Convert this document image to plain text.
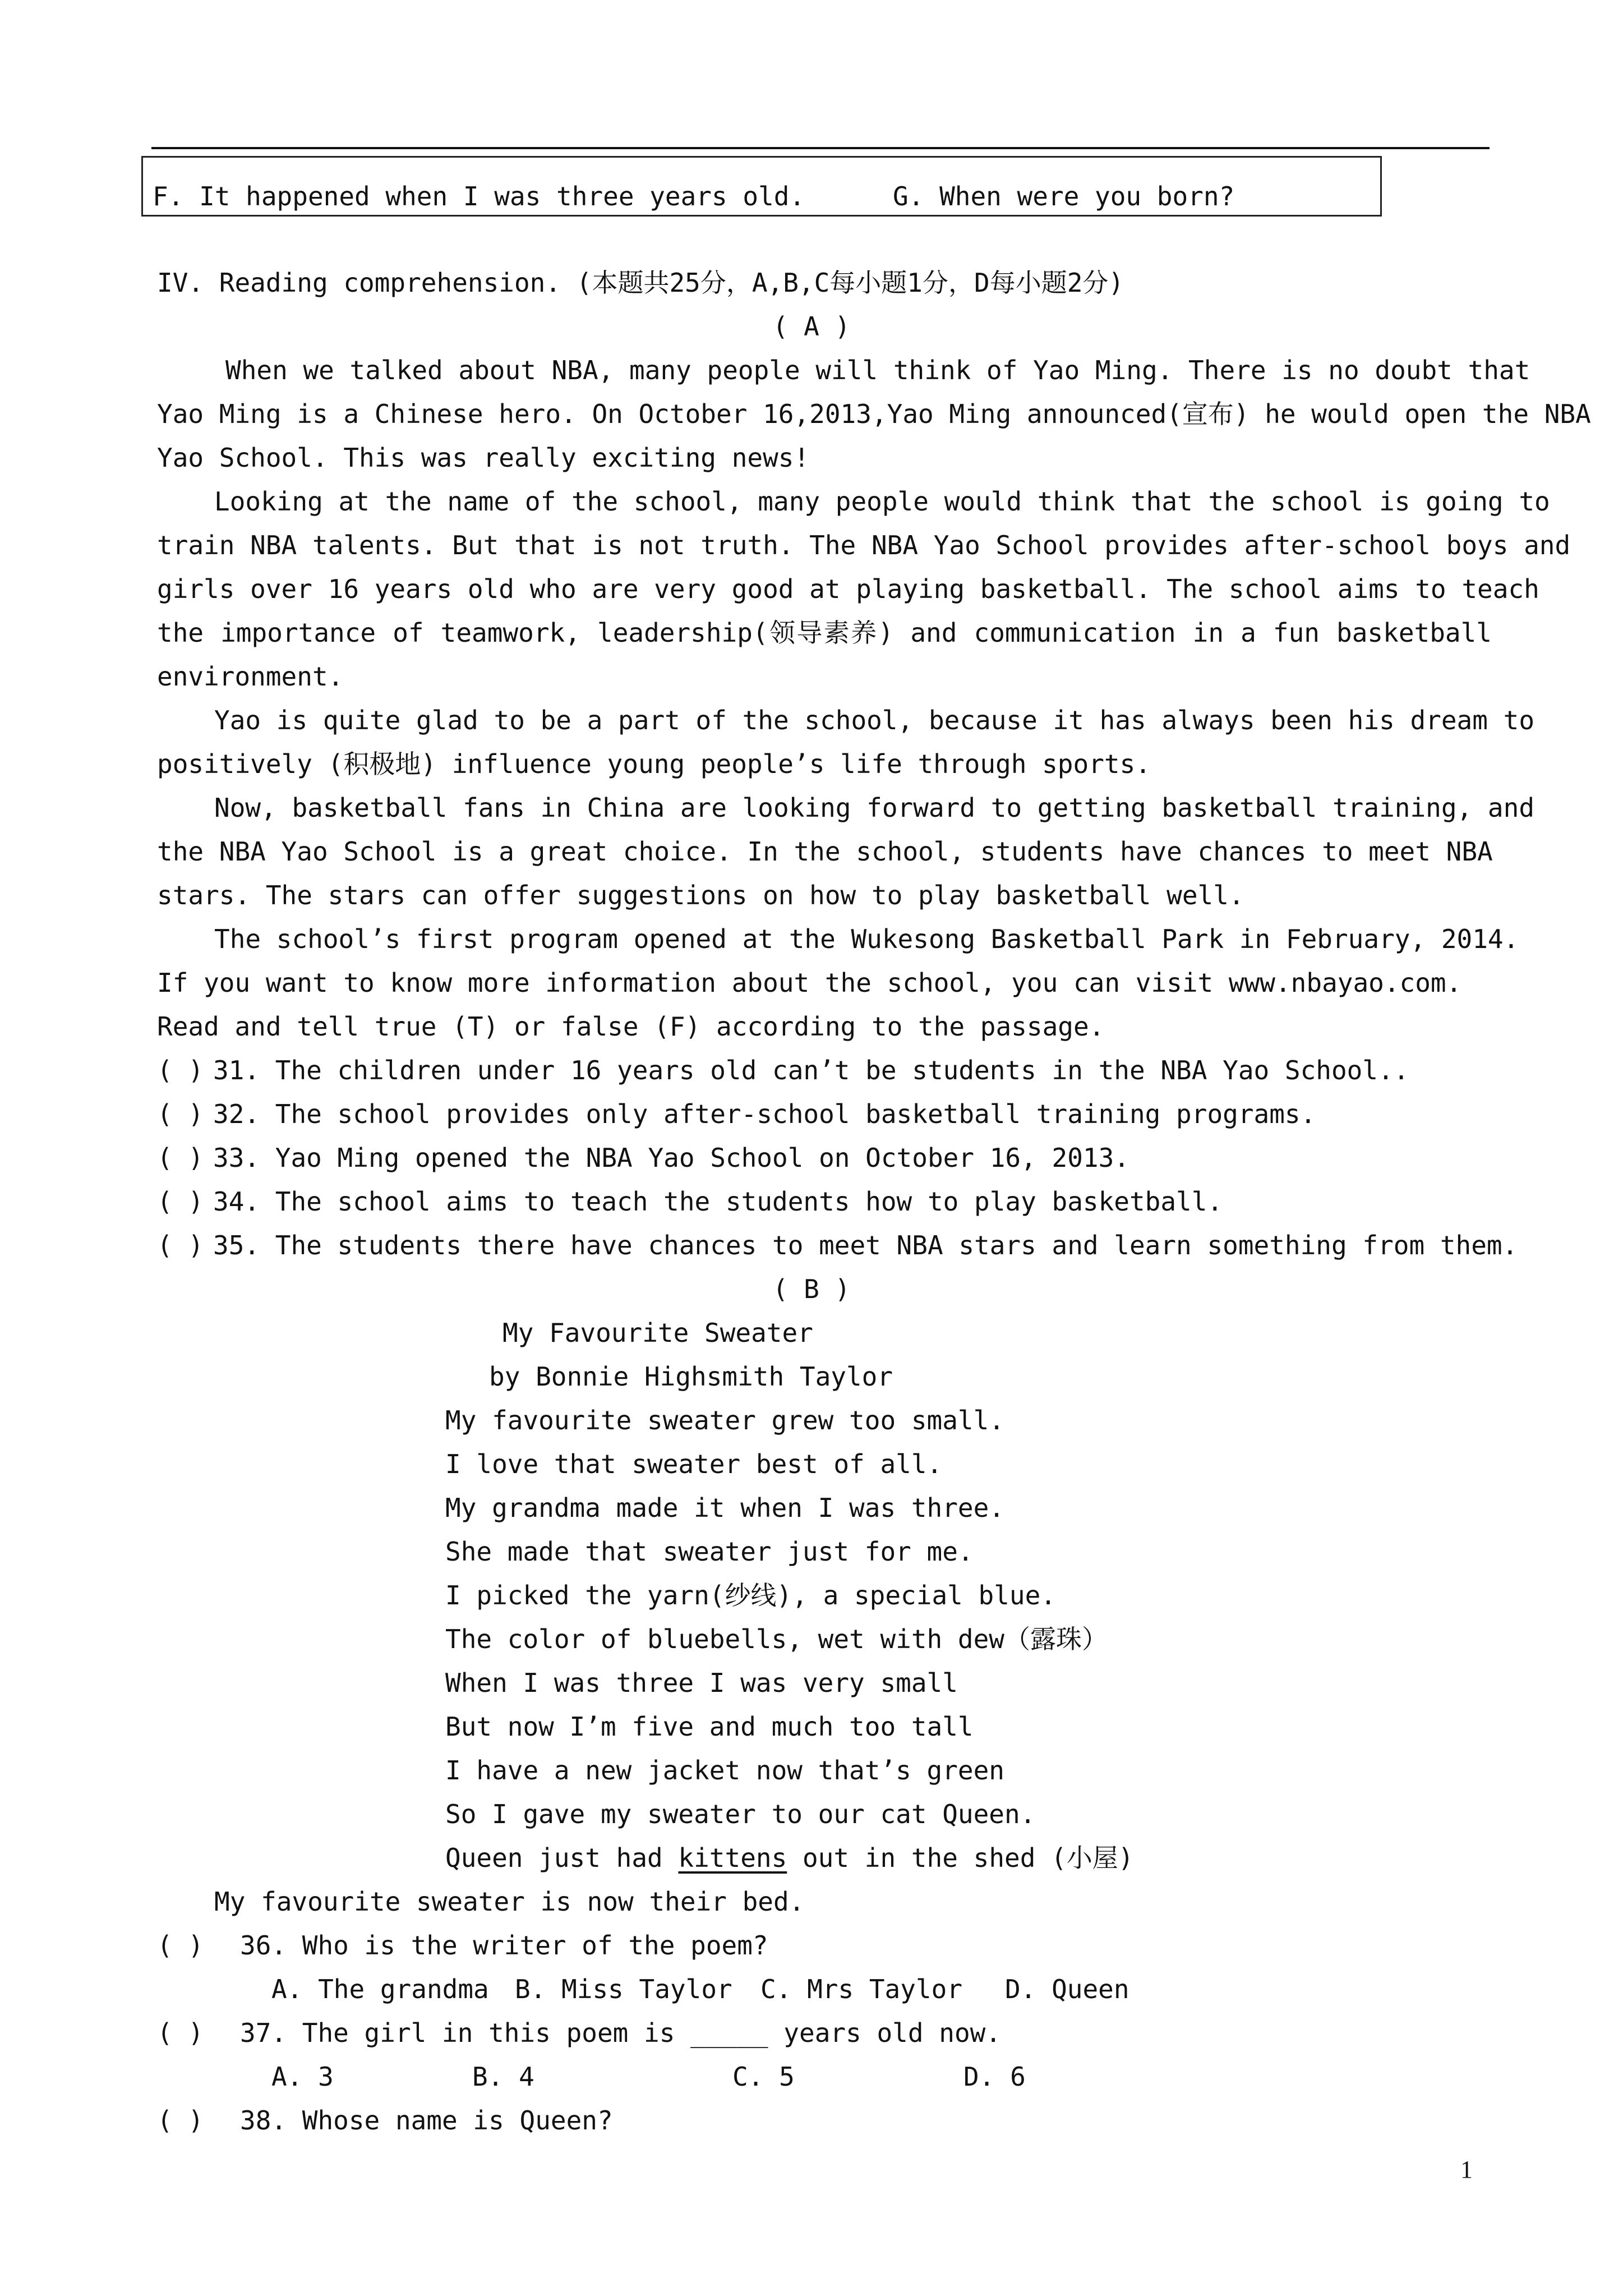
F. It happened when I was three years old.	G. When were you born?
IV. Reading comprehension. (本题共25分，A,B,C每小题1分，D每小题2分)
( A )
When we talked about NBA, many people will think of Yao Ming. There is no doubt that
Yao Ming is a Chinese hero. On October 16,2013,Yao Ming announced(宣布) he would open the NBA
Yao School. This was really exciting news!
Looking at the name of the school, many people would think that the school is going to
train NBA talents. But that is not truth. The NBA Yao School provides after-school boys and
girls over 16 years old who are very good at playing basketball. The school aims to teach
the importance of teamwork, leadership(领导素养) and communication in a fun basketball
environment.
Yao is quite glad to be a part of the school, because it has always been his dream to
positively (积极地) influence young people’s life through sports.
Now, basketball fans in China are looking forward to getting basketball training, and
the NBA Yao School is a great choice. In the school, students have chances to meet NBA
stars. The stars can offer suggestions on how to play basketball well.
The school’s first program opened at the Wukesong Basketball Park in February, 2014.
If you want to know more information about the school, you can visit www.nbayao.com.
Read and tell true (T) or false (F) according to the passage.
( ) 31. The children under 16 years old can’t be students in the NBA Yao School..
( ) 32. The school provides only after-school basketball training programs.
( ) 33. Yao Ming opened the NBA Yao School on October 16, 2013.
( ) 34. The school aims to teach the students how to play basketball.
( ) 35. The students there have chances to meet NBA stars and learn something from them.
( B )
My Favourite Sweater
by Bonnie Highsmith Taylor
My favourite sweater grew too small.
I love that sweater best of all.
My grandma made it when I was three.
She made that sweater just for me.
I picked the yarn(纱线), a special blue.
The color of bluebells, wet with dew（露珠）
When I was three I was very small
But now I’m five and much too tall
I have a new jacket now that’s green
So I gave my sweater to our cat Queen.
Queen just had kittens out in the shed (小屋)
My favourite sweater is now their bed.
( ) 36. Who is the writer of the poem?
A. The grandma B. Miss Taylor C. Mrs Taylor D. Queen
( ) 37. The girl in this poem is _____ years old now.
A. 3	B. 4	C. 5	D. 6
( ) 38. Whose name is Queen?
1
